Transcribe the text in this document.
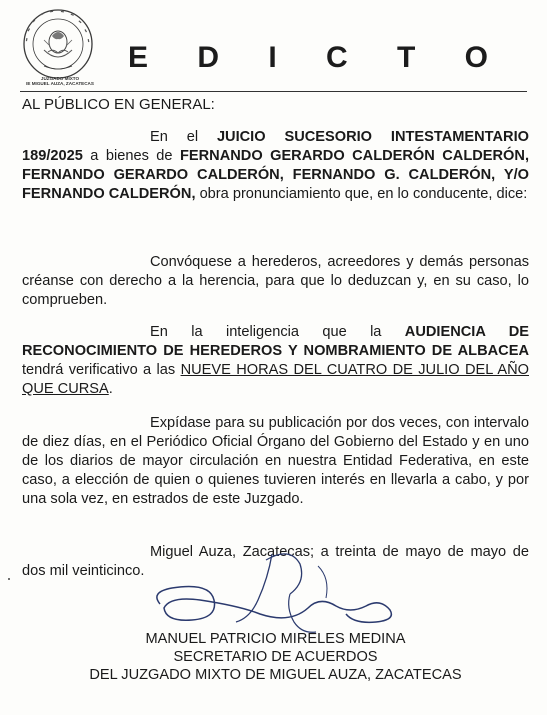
JUZGADO MIXTO
IE MIGUEL AUZA, ZACATECAS
E D I C T O
AL PÚBLICO EN GENERAL:
En el JUICIO SUCESORIO INTESTAMENTARIO 189/2025 a bienes de FERNANDO GERARDO CALDERÓN CALDERÓN, FERNANDO GERARDO CALDERÓN, FERNANDO G. CALDERÓN, Y/O FERNANDO CALDERÓN, obra pronunciamiento que, en lo conducente, dice:
Convóquese a herederos, acreedores y demás personas créanse con derecho a la herencia, para que lo deduzcan y, en su caso, lo comprueben.
En la inteligencia que la AUDIENCIA DE RECONOCIMIENTO DE HEREDEROS Y NOMBRAMIENTO DE ALBACEA tendrá verificativo a las NUEVE HORAS DEL CUATRO DE JULIO DEL AÑO QUE CURSA.
Expídase para su publicación por dos veces, con intervalo de diez días, en el Periódico Oficial Órgano del Gobierno del Estado y en uno de los diarios de mayor circulación en nuestra Entidad Federativa, en este caso, a elección de quien o quienes tuvieren interés en llevarla a cabo, y por una sola vez, en estrados de este Juzgado.
Miguel Auza, Zacatecas; a treinta de mayo de mayo de dos mil veinticinco.
MANUEL PATRICIO MIRELES MEDINA
SECRETARIO DE ACUERDOS
DEL JUZGADO MIXTO DE MIGUEL AUZA, ZACATECAS
